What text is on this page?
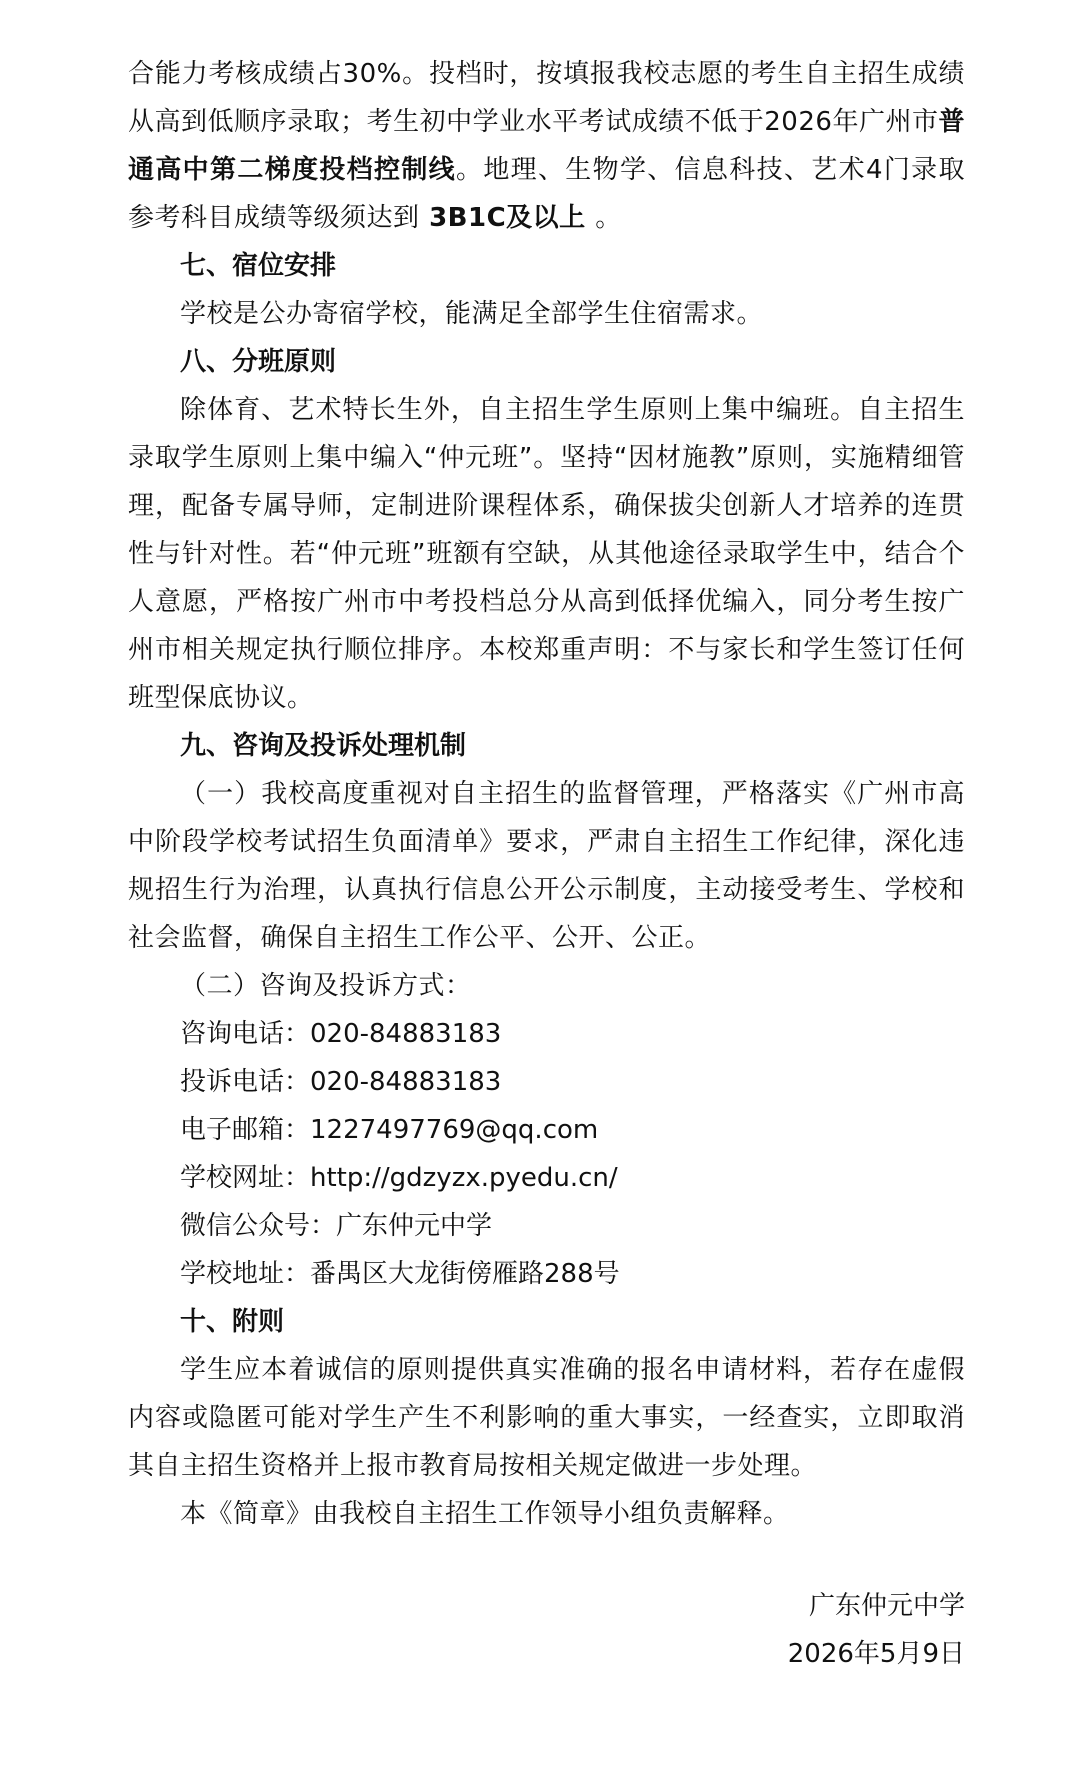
合能力考核成绩占30%。投档时，按填报我校志愿的考生自主招生成绩从高到低顺序录取；考生初中学业水平考试成绩不低于2026年广州市普通高中第二梯度投档控制线。地理、生物学、信息科技、艺术4门录取参考科目成绩等级须达到 3B1C及以上 。

七、宿位安排

学校是公办寄宿学校，能满足全部学生住宿需求。

八、分班原则

除体育、艺术特长生外，自主招生学生原则上集中编班。自主招生录取学生原则上集中编入“仲元班”。坚持“因材施教”原则，实施精细管理，配备专属导师，定制进阶课程体系，确保拔尖创新人才培养的连贯性与针对性。若“仲元班”班额有空缺，从其他途径录取学生中，结合个人意愿，严格按广州市中考投档总分从高到低择优编入，同分考生按广州市相关规定执行顺位排序。本校郑重声明：不与家长和学生签订任何班型保底协议。

九、咨询及投诉处理机制

（一）我校高度重视对自主招生的监督管理，严格落实《广州市高中阶段学校考试招生负面清单》要求，严肃自主招生工作纪律，深化违规招生行为治理，认真执行信息公开公示制度，主动接受考生、学校和社会监督，确保自主招生工作公平、公开、公正。

（二）咨询及投诉方式：

咨询电话：020-84883183

投诉电话：020-84883183

电子邮箱：1227497769@qq.com

学校网址：http://gdzyzx.pyedu.cn/

微信公众号：广东仲元中学

学校地址：番禺区大龙街傍雁路288号

十、附则

学生应本着诚信的原则提供真实准确的报名申请材料，若存在虚假内容或隐匿可能对学生产生不利影响的重大事实，一经查实，立即取消其自主招生资格并上报市教育局按相关规定做进一步处理。

本《简章》由我校自主招生工作领导小组负责解释。

广东仲元中学
2026年5月9日
